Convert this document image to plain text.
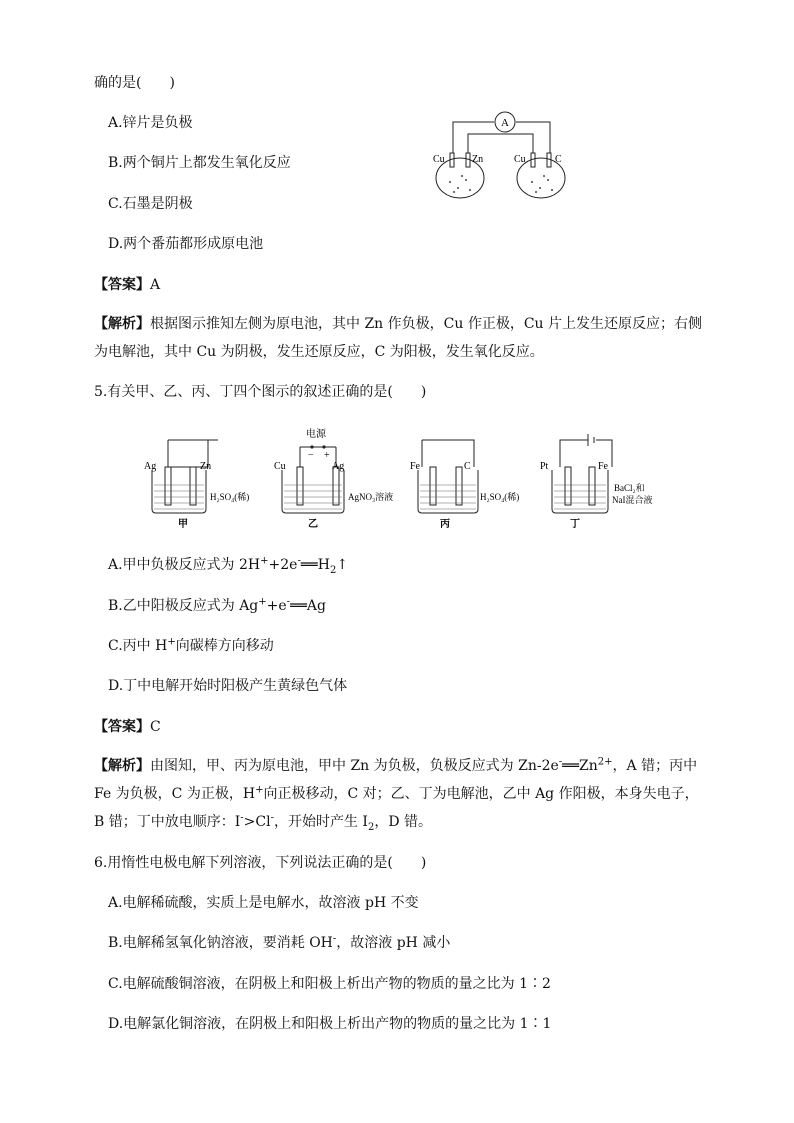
确的是(　　)
A.锌片是负极
B.两个铜片上都发生氧化反应
C.石墨是阴极
D.两个番茄都形成原电池
A
Cu	Zn	Cu	C
【答案】A
【解析】根据图示推知左侧为原电池，其中 Zn 作负极，Cu 作正极，Cu 片上发生还原反应；右侧为电解池，其中 Cu 为阴极，发生还原反应，C 为阳极，发生氧化反应。
5.有关甲、乙、丙、丁四个图示的叙述正确的是(　　)
Ag	Zn
H₂SO₄(稀)
甲
电源
− +
Cu	Ag
AgNO₃溶液
乙
Fe	C
H₂SO₄(稀)
丙
Pt	Fe
BaCl₂和
NaI混合液
丁
A.甲中负极反应式为 $2H^++2e^-══H_2↑$
B.乙中阳极反应式为 Ag++e-══Ag
C.丙中 H+向碳棒方向移动
D.丁中电解开始时阳极产生黄绿色气体
【答案】C
【解析】由图知，甲、丙为原电池，甲中 Zn 为负极，负极反应式为 $Zn-2e^-══Zn^{2+}$，A 错；丙中 Fe 为负极，C 为正极，H+向正极移动，C 对；乙、丁为电解池，乙中 Ag 作阳极，本身失电子，B 错；丁中放电顺序：I->Cl-，开始时产生 $I_2$，D 错。
6.用惰性电极电解下列溶液，下列说法正确的是(　　)
A.电解稀硫酸，实质上是电解水，故溶液 pH 不变
B.电解稀氢氧化钠溶液，要消耗 OH-，故溶液 pH 减小
C.电解硫酸铜溶液，在阴极上和阳极上析出产物的物质的量之比为 1∶2
D.电解氯化铜溶液，在阴极上和阳极上析出产物的物质的量之比为 1∶1
